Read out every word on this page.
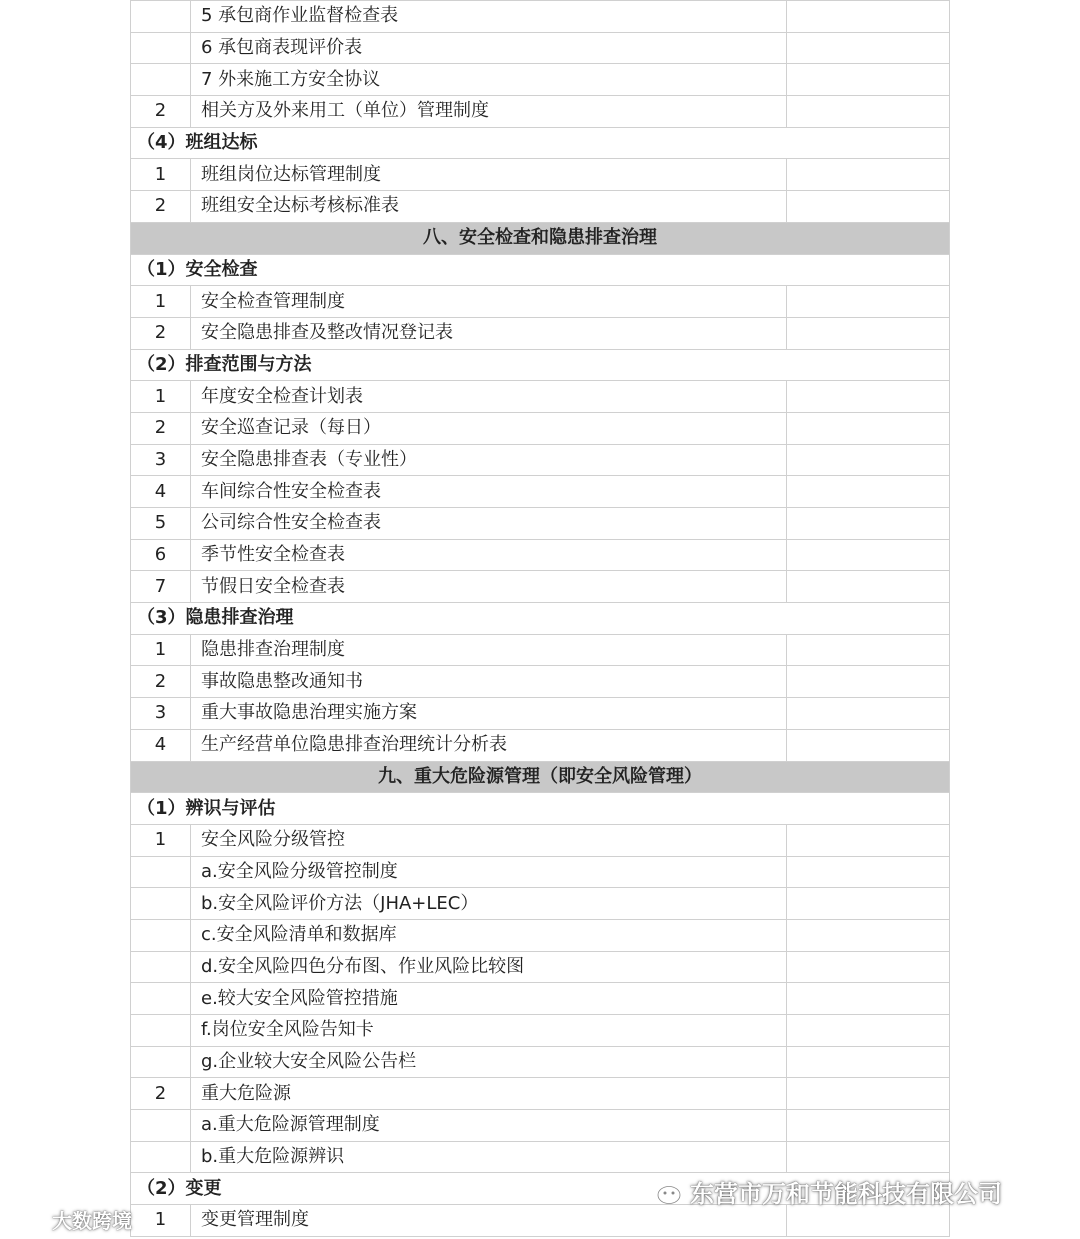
	5 承包商作业监督检查表	
	6 承包商表现评价表	
	7 外来施工方安全协议	
2	相关方及外来用工（单位）管理制度	
（4）班组达标		
1	班组岗位达标管理制度	
2	班组安全达标考核标准表	
八、安全检查和隐患排查治理		
（1）安全检查		
1	安全检查管理制度	
2	安全隐患排查及整改情况登记表	
（2）排查范围与方法		
1	年度安全检查计划表	
2	安全巡查记录（每日）	
3	安全隐患排查表（专业性）	
4	车间综合性安全检查表	
5	公司综合性安全检查表	
6	季节性安全检查表	
7	节假日安全检查表	
（3）隐患排查治理		
1	隐患排查治理制度	
2	事故隐患整改通知书	
3	重大事故隐患治理实施方案	
4	生产经营单位隐患排查治理统计分析表	
九、重大危险源管理（即安全风险管理）		
（1）辨识与评估		
1	安全风险分级管控	
	a.安全风险分级管控制度	
	b.安全风险评价方法（JHA+LEC）	
	c.安全风险清单和数据库	
	d.安全风险四色分布图、作业风险比较图	
	e.较大安全风险管控措施	
	f.岗位安全风险告知卡	
	g.企业较大安全风险公告栏	
2	重大危险源	
	a.重大危险源管理制度	
	b.重大危险源辨识	
（2）变更		
1	变更管理制度	
大数跨境
东营市万和节能科技有限公司
